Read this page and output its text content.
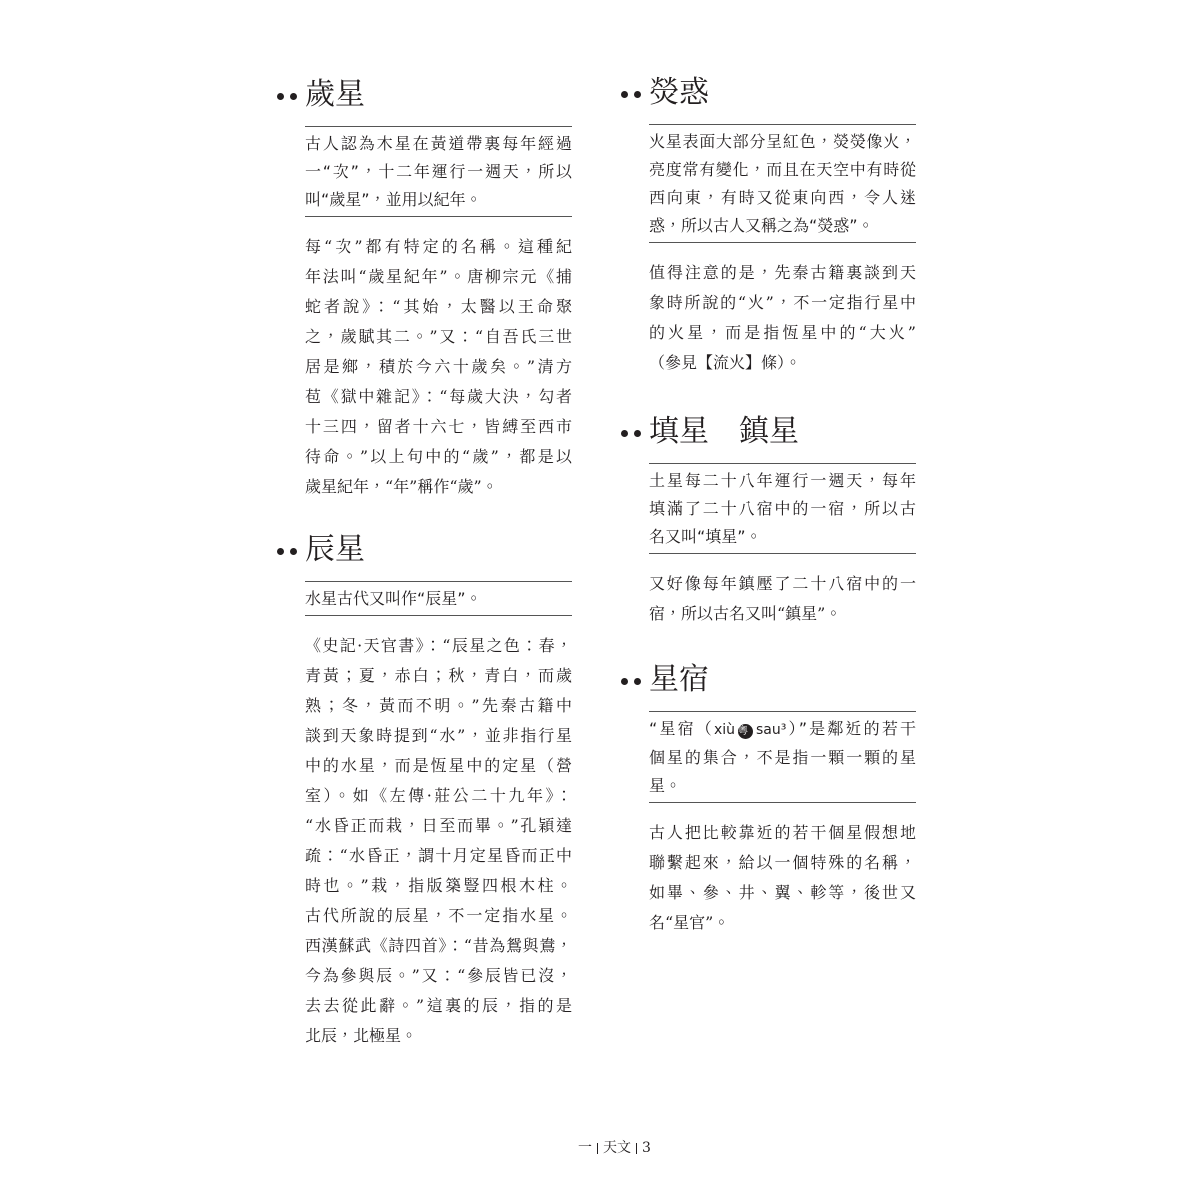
歲星
古人認為木星在黃道帶裏每年經過
一“次”，十二年運行一週天，所以
叫“歲星”，並用以紀年。
每“次”都有特定的名稱。這種紀
年法叫“歲星紀年”。唐柳宗元《捕
蛇者說》：“其始，太醫以王命聚
之，歲賦其二。”又：“自吾氏三世
居是鄉，積於今六十歲矣。”清方
苞《獄中雜記》：“每歲大決，勾者
十三四，留者十六七，皆縛至西市
待命。”以上句中的“歲”，都是以
歲星紀年，“年”稱作“歲”。
辰星
水星古代又叫作“辰星”。
《史記·天官書》：“辰星之色：春，
青黃；夏，赤白；秋，青白，而歲
熟；冬，黃而不明。”先秦古籍中
談到天象時提到“水”，並非指行星
中的水星，而是恆星中的定星（營
室）。如《左傳·莊公二十九年》：
“水昏正而栽，日至而畢。”孔穎達
疏：“水昏正，謂十月定星昏而正中
時也。”栽，指版築豎四根木柱。
古代所說的辰星，不一定指水星。
西漢蘇武《詩四首》：“昔為鴛與鴦，
今為參與辰。”又：“參辰皆已沒，
去去從此辭。”這裏的辰，指的是
北辰，北極星。
熒惑
火星表面大部分呈紅色，熒熒像火，
亮度常有變化，而且在天空中有時從
西向東，有時又從東向西，令人迷
惑，所以古人又稱之為“熒惑”。
值得注意的是，先秦古籍裏談到天
象時所說的“火”，不一定指行星中
的火星，而是指恆星中的“大火”
（參見【流火】條）。
填星　鎮星
土星每二十八年運行一週天，每年
填滿了二十八宿中的一宿，所以古
名又叫“填星”。
又好像每年鎮壓了二十八宿中的一
宿，所以古名又叫“鎮星”。
星宿
“星宿（xiù 粵 sau³）”是鄰近的若干
個星的集合，不是指一顆一顆的星
星。
古人把比較靠近的若干個星假想地
聯繫起來，給以一個特殊的名稱，
如畢、參、井、翼、軫等，後世又
名“星官”。
一 天文 3
